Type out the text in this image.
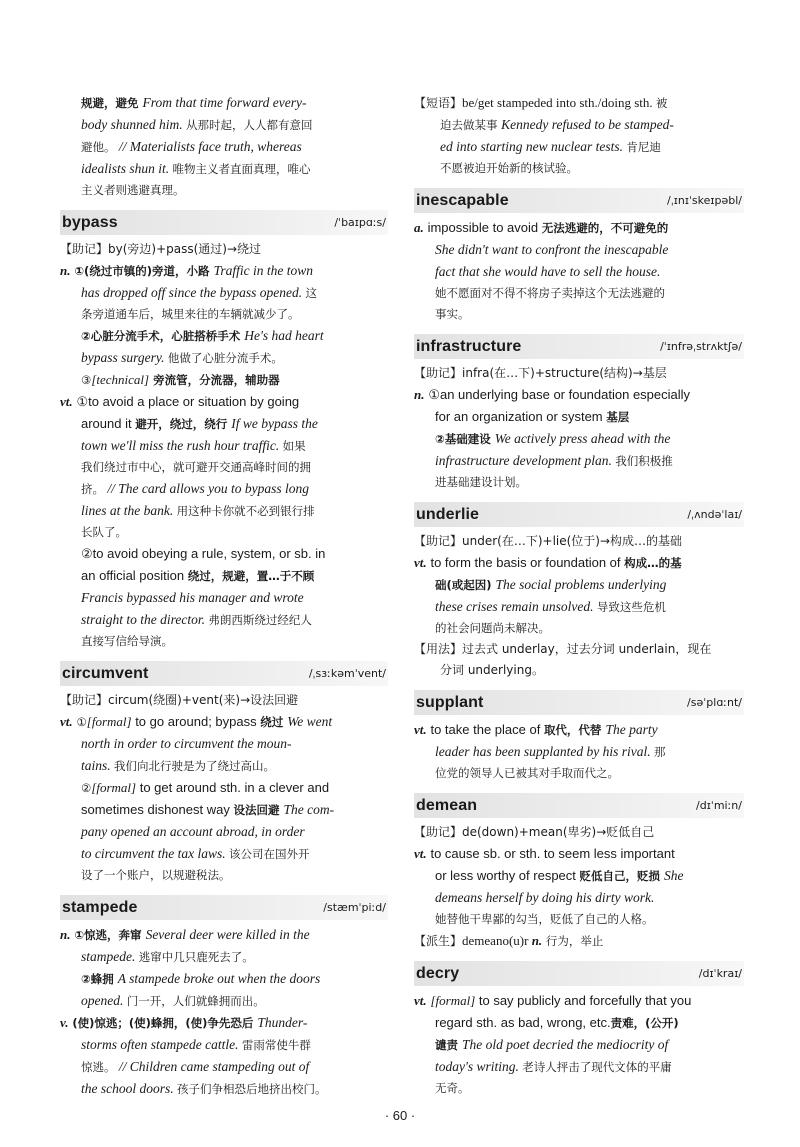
规避，避免 From that time forward every-
body shunned him. 从那时起，人人都有意回
避他。 // Materialists face truth, whereas
idealists shun it. 唯物主义者直面真理，唯心
主义者则逃避真理。
bypass	/ˈbaɪpɑːs/
【助记】by(旁边)+pass(通过)→绕过
n. ①(绕过市镇的)旁道，小路 Traffic in the town
has dropped off since the bypass opened. 这
条旁道通车后，城里来往的车辆就减少了。
②心脏分流手术，心脏搭桥手术 He's had heart
bypass surgery. 他做了心脏分流手术。
③[technical] 旁流管，分流器，辅助器
vt. ①to avoid a place or situation by going
around it 避开，绕过，绕行 If we bypass the
town we'll miss the rush hour traffic. 如果
我们绕过市中心，就可避开交通高峰时间的拥
挤。 // The card allows you to bypass long
lines at the bank. 用这种卡你就不必到银行排
长队了。
②to avoid obeying a rule, system, or sb. in
an official position 绕过，规避，置…于不顾
Francis bypassed his manager and wrote
straight to the director. 弗朗西斯绕过经纪人
直接写信给导演。
circumvent	/ˌsɜːkəmˈvent/
【助记】circum(绕圈)+vent(来)→设法回避
vt. ①[formal] to go around; bypass 绕过 We went
north in order to circumvent the moun-
tains. 我们向北行驶是为了绕过高山。
②[formal] to get around sth. in a clever and
sometimes dishonest way 设法回避 The com-
pany opened an account abroad, in order
to circumvent the tax laws. 该公司在国外开
设了一个账户，以规避税法。
stampede	/stæmˈpiːd/
n. ①惊逃，奔窜 Several deer were killed in the
stampede. 逃窜中几只鹿死去了。
②蜂拥 A stampede broke out when the doors
opened. 门一开，人们就蜂拥而出。
v. (使)惊逃；(使)蜂拥，(使)争先恐后 Thunder-
storms often stampede cattle. 雷雨常使牛群
惊逃。 // Children came stampeding out of
the school doors. 孩子们争相恐后地挤出校门。
【短语】be/get stampeded into sth./doing sth. 被
迫去做某事 Kennedy refused to be stamped-
ed into starting new nuclear tests. 肯尼迪
不愿被迫开始新的核试验。
inescapable	/ˌɪnɪˈskeɪpəbl/
a. impossible to avoid 无法逃避的，不可避免的
She didn't want to confront the inescapable
fact that she would have to sell the house.
她不愿面对不得不将房子卖掉这个无法逃避的
事实。
infrastructure	/ˈɪnfrəˌstrʌktʃə/
【助记】infra(在…下)+structure(结构)→基层
n. ①an underlying base or foundation especially
for an organization or system 基层
②基础建设 We actively press ahead with the
infrastructure development plan. 我们积极推
进基础建设计划。
underlie	/ˌʌndəˈlaɪ/
【助记】under(在…下)+lie(位于)→构成…的基础
vt. to form the basis or foundation of 构成…的基
础(或起因) The social problems underlying
these crises remain unsolved. 导致这些危机
的社会问题尚未解决。
【用法】过去式 underlay，过去分词 underlain，现在
分词 underlying。
supplant	/səˈplɑːnt/
vt. to take the place of 取代，代替 The party
leader has been supplanted by his rival. 那
位党的领导人已被其对手取而代之。
demean	/dɪˈmiːn/
【助记】de(down)+mean(卑劣)→贬低自己
vt. to cause sb. or sth. to seem less important
or less worthy of respect 贬低自己，贬损 She
demeans herself by doing his dirty work.
她替他干卑鄙的勾当，贬低了自己的人格。
【派生】demeano(u)r n. 行为，举止
decry	/dɪˈkraɪ/
vt. [formal] to say publicly and forcefully that you
regard sth. as bad, wrong, etc.责难，(公开)
谴责 The old poet decried the mediocrity of
today's writing. 老诗人抨击了现代文体的平庸
无奇。
· 60 ·
